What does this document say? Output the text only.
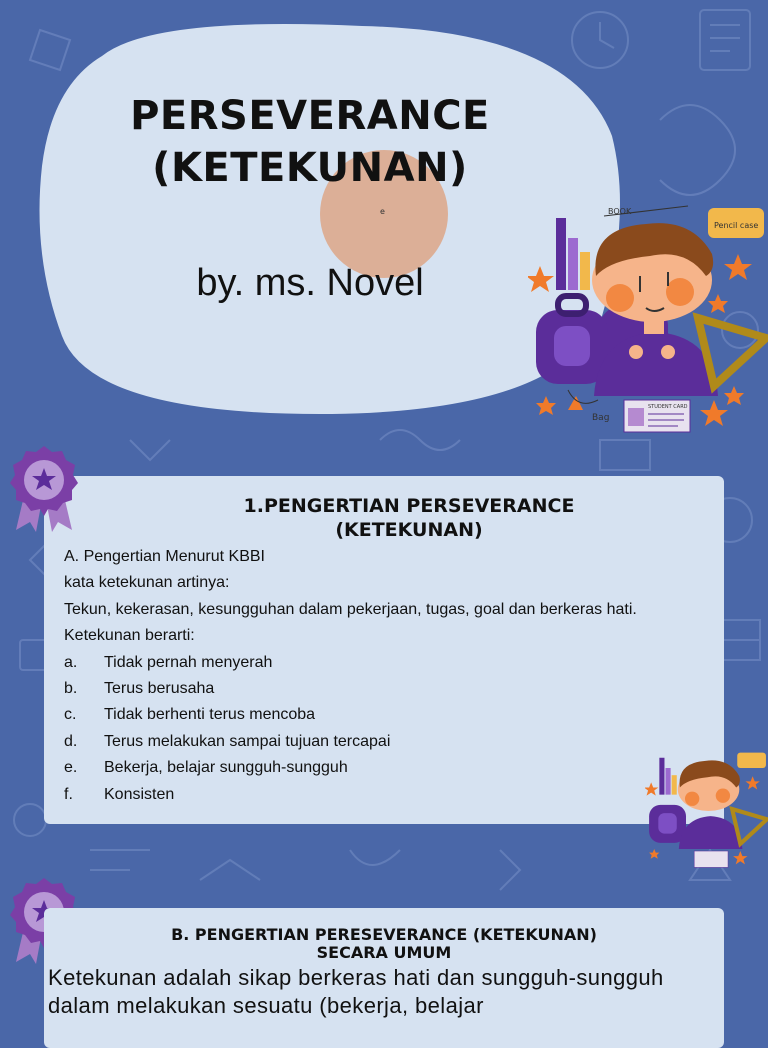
e
PERSEVERANCE
(KETEKUNAN)
by. ms. Novel
BOOK
Pencil case
Bag
STUDENT CARD
1.PENGERTIAN PERSEVERANCE
(KETEKUNAN)
A. Pengertian Menurut KBBI
kata ketekunan artinya:
Tekun, kekerasan, kesungguhan dalam pekerjaan, tugas, goal dan berkeras hati.
Ketekunan berarti:
a.	Tidak pernah menyerah
b.	Terus berusaha
c.	Tidak berhenti terus mencoba
d.	Terus melakukan sampai tujuan tercapai
e.	Bekerja, belajar sungguh-sungguh
f.	Konsisten
B. PENGERTIAN PERESEVERANCE (KETEKUNAN)
SECARA UMUM
Ketekunan adalah sikap berkeras hati dan sungguh-sungguh dalam melakukan sesuatu (bekerja, belajar
